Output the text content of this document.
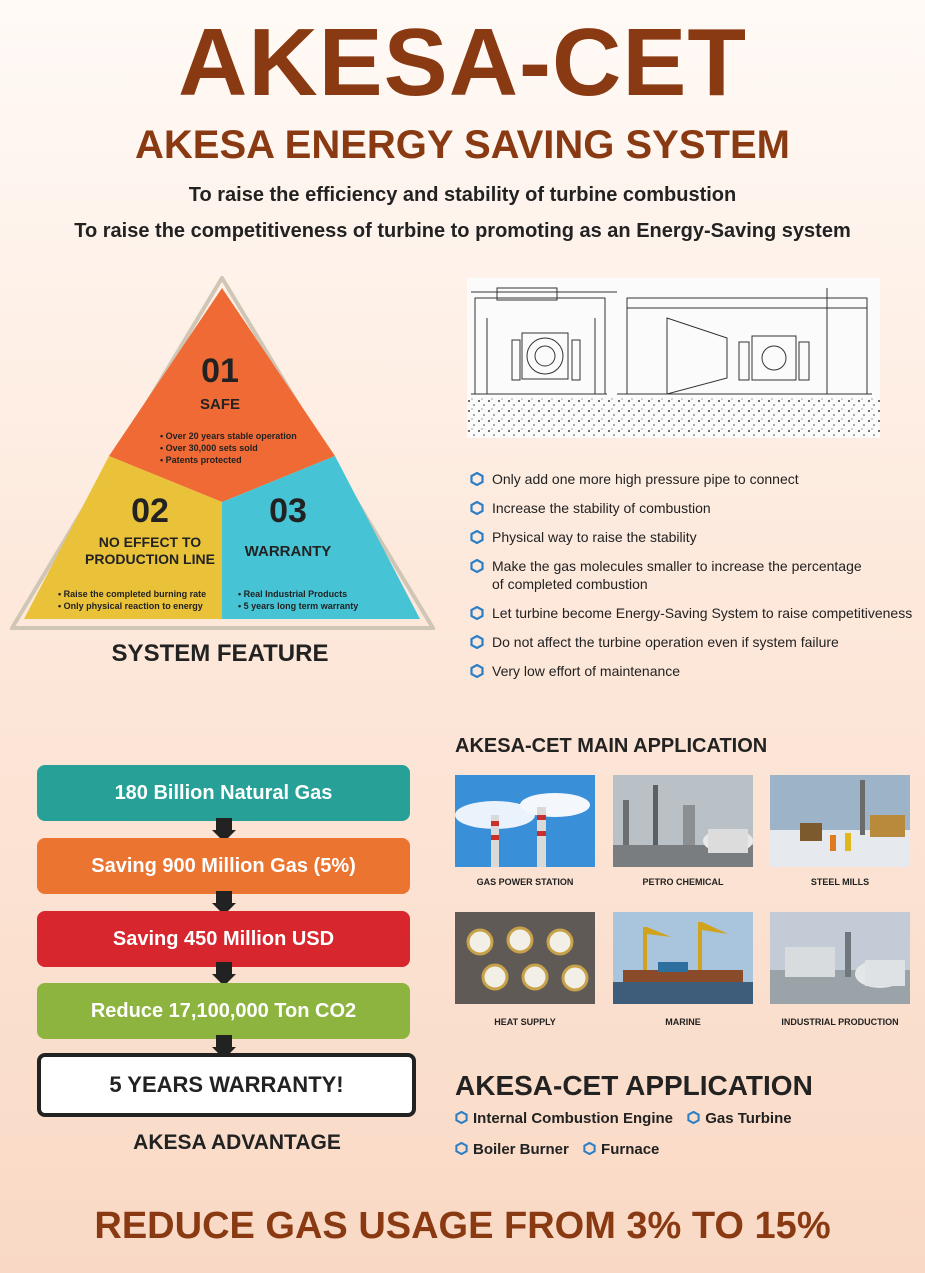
AKESA-CET
AKESA ENERGY SAVING SYSTEM
To raise the efficiency and stability of turbine combustion
To raise the competitiveness of turbine to promoting as an Energy-Saving system
01
SAFE
• Over 20 years stable operation
• Over 30,000 sets sold
• Patents protected
02
NO EFFECT TO
PRODUCTION LINE
• Raise the completed burning rate
• Only physical reaction to energy
03
WARRANTY
• Real Industrial Products
• 5 years long term warranty
SYSTEM FEATURE
Only add one more high pressure pipe to connect
Increase the stability of combustion
Physical way to raise the stability
Make the gas molecules smaller to increase the percentage of completed combustion
Let turbine become Energy-Saving System to raise competitiveness
Do not affect the turbine operation even if system failure
Very low effort of maintenance
180 Billion Natural Gas
Saving 900 Million Gas (5%)
Saving 450 Million USD
Reduce 17,100,000 Ton CO2
5 YEARS WARRANTY!
AKESA ADVANTAGE
AKESA-CET MAIN APPLICATION
GAS POWER STATION	PETRO CHEMICAL	STEEL MILLS
HEAT SUPPLY	MARINE	INDUSTRIAL PRODUCTION
AKESA-CET APPLICATION
Internal Combustion Engine Gas Turbine
Boiler Burner Furnace
REDUCE GAS USAGE FROM 3% TO 15%
